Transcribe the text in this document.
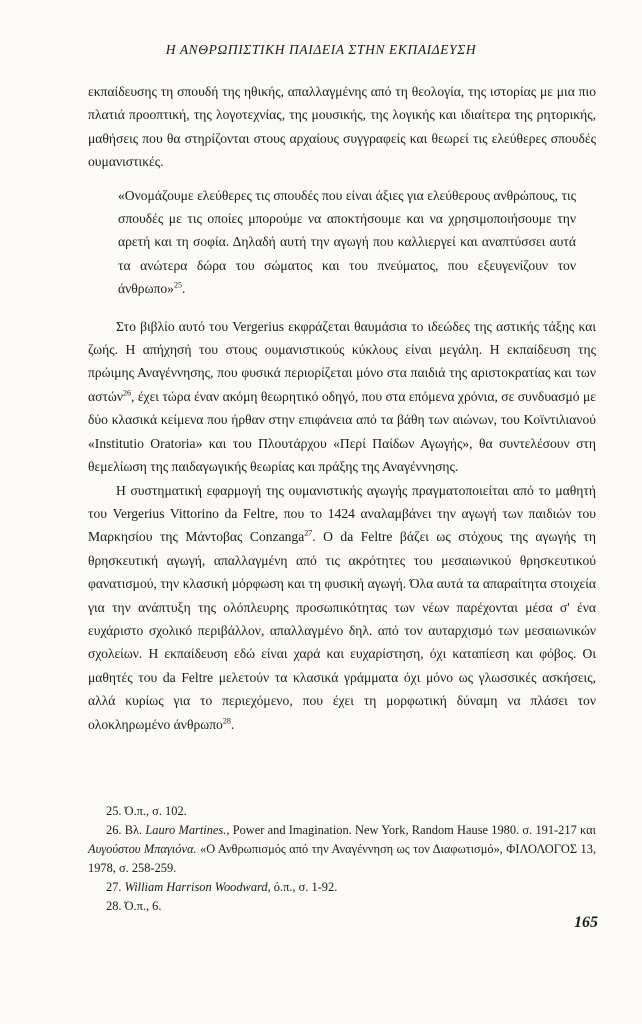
Η ΑΝΘΡΩΠΙΣΤΙΚΗ ΠΑΙΔΕΙΑ ΣΤΗΝ ΕΚΠΑΙΔΕΥΣΗ

εκπαίδευσης τη σπουδή της ηθικής, απαλλαγμένης από τη θεολογία, της ιστορίας με μια πιο πλατιά προοπτική, της λογοτεχνίας, της μουσικής, της λογικής και ιδιαίτερα της ρητορικής, μαθήσεις που θα στηρίζονται στους αρχαίους συγγραφείς και θεωρεί τις ελεύθερες σπουδές ουμανιστικές.

«Ονομάζουμε ελεύθερες τις σπουδές που είναι άξιες για ελεύθερους ανθρώπους, τις σπουδές με τις οποίες μπορούμε να αποκτήσουμε και να χρησιμοποιήσουμε την αρετή και τη σοφία. Δηλαδή αυτή την αγωγή που καλλιεργεί και αναπτύσσει αυτά τα ανώτερα δώρα του σώματος και του πνεύματος, που εξευγενίζουν τον άνθρωπο»$^{25}$.

Στο βιβλίο αυτό του Vergerius εκφράζεται θαυμάσια το ιδεώδες της αστικής τάξης και ζωής. Η απήχησή του στους ουμανιστικούς κύκλους είναι μεγάλη. Η εκπαίδευση της πρώιμης Αναγέννησης, που φυσικά περιορίζεται μόνο στα παιδιά της αριστοκρατίας και των αστών$^{26}$, έχει τώρα έναν ακόμη θεωρητικό οδηγό, που στα επόμενα χρόνια, σε συνδυασμό με δύο κλασικά κείμενα που ήρθαν στην επιφάνεια από τα βάθη των αιώνων, του Κοϊντιλιανού «Institutio Oratoria» και του Πλουτάρχου «Περί Παίδων Αγωγής», θα συντελέσουν στη θεμελίωση της παιδαγωγικής θεωρίας και πράξης της Αναγέννησης.

Η συστηματική εφαρμογή της ουμανιστικής αγωγής πραγματοποιείται από το μαθητή του Vergerius Vittorino da Feltre, που το 1424 αναλαμβάνει την αγωγή των παιδιών του Μαρκησίου της Μάντοβας Conzanga$^{27}$. Ο da Feltre βάζει ως στόχους της αγωγής τη θρησκευτική αγωγή, απαλλαγμένη από τις ακρότητες του μεσαιωνικού θρησκευτικού φανατισμού, την κλασική μόρφωση και τη φυσική αγωγή. Όλα αυτά τα απαραίτητα στοιχεία για την ανάπτυξη της ολόπλευρης προσωπικότητας των νέων παρέχονται μέσα σ' ένα ευχάριστο σχολικό περιβάλλον, απαλλαγμένο δηλ. από τον αυταρχισμό των μεσαιωνικών σχολείων. Η εκπαίδευση εδώ είναι χαρά και ευχαρίστηση, όχι καταπίεση και φόβος. Οι μαθητές του da Feltre μελετούν τα κλασικά γράμματα όχι μόνο ως γλωσσικές ασκήσεις, αλλά κυρίως για το περιεχόμενο, που έχει τη μορφωτική δύναμη να πλάσει τον ολοκληρωμένο άνθρωπο$^{28}$.

25. Ό.π., σ. 102.

26. Βλ. Lauro Martines., Power and Imagination. New York, Random Hause 1980. σ. 191-217 και Αυγούστου Μπαγιόνα. «Ο Ανθρωπισμός από την Αναγέννηση ως τον Διαφωτισμό», ΦΙΛΟΛΟΓΟΣ 13, 1978, σ. 258-259.

27. William Harrison Woodward, ό.π., σ. 1-92.

28. Ό.π., 6.

165
